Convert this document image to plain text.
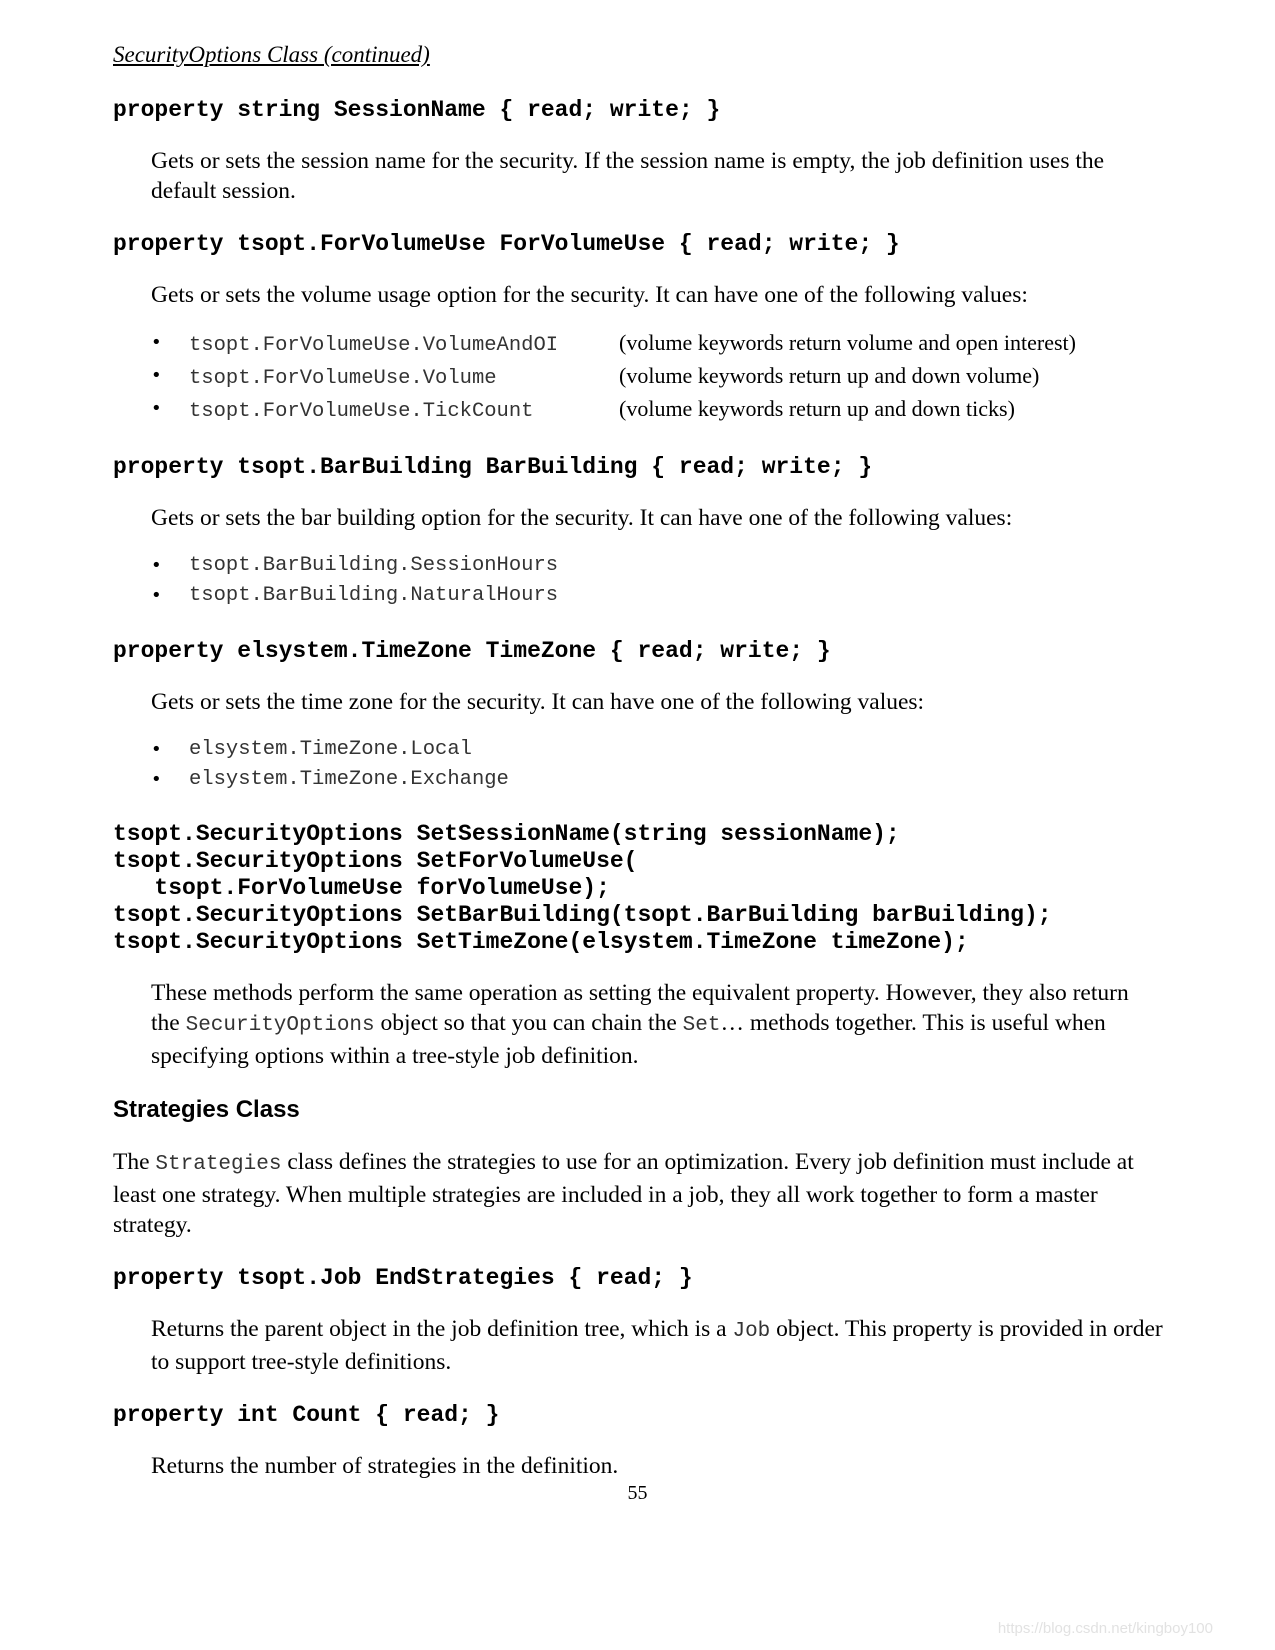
SecurityOptions Class (continued)

property string SessionName { read; write; }

Gets or sets the session name for the security. If the session name is empty, the job definition uses the default session.

property tsopt.ForVolumeUse ForVolumeUse { read; write; }

Gets or sets the volume usage option for the security. It can have one of the following values:

• tsopt.ForVolumeUse.VolumeAndOI	(volume keywords return volume and open interest)
• tsopt.ForVolumeUse.Volume	(volume keywords return up and down volume)
• tsopt.ForVolumeUse.TickCount	(volume keywords return up and down ticks)

property tsopt.BarBuilding BarBuilding { read; write; }

Gets or sets the bar building option for the security. It can have one of the following values:

• tsopt.BarBuilding.SessionHours
• tsopt.BarBuilding.NaturalHours

property elsystem.TimeZone TimeZone { read; write; }

Gets or sets the time zone for the security. It can have one of the following values:

• elsystem.TimeZone.Local
• elsystem.TimeZone.Exchange

tsopt.SecurityOptions SetSessionName(string sessionName);

tsopt.SecurityOptions SetForVolumeUse(

tsopt.ForVolumeUse forVolumeUse);

tsopt.SecurityOptions SetBarBuilding(tsopt.BarBuilding barBuilding);

tsopt.SecurityOptions SetTimeZone(elsystem.TimeZone timeZone);

These methods perform the same operation as setting the equivalent property. However, they also return the SecurityOptions object so that you can chain the Set… methods together. This is useful when specifying options within a tree-style job definition.

Strategies Class

The Strategies class defines the strategies to use for an optimization. Every job definition must include at least one strategy. When multiple strategies are included in a job, they all work together to form a master strategy.

property tsopt.Job EndStrategies { read; }

Returns the parent object in the job definition tree, which is a Job object. This property is provided in order to support tree-style definitions.

property int Count { read; }

Returns the number of strategies in the definition.

55
https://blog.csdn.net/kingboy100
